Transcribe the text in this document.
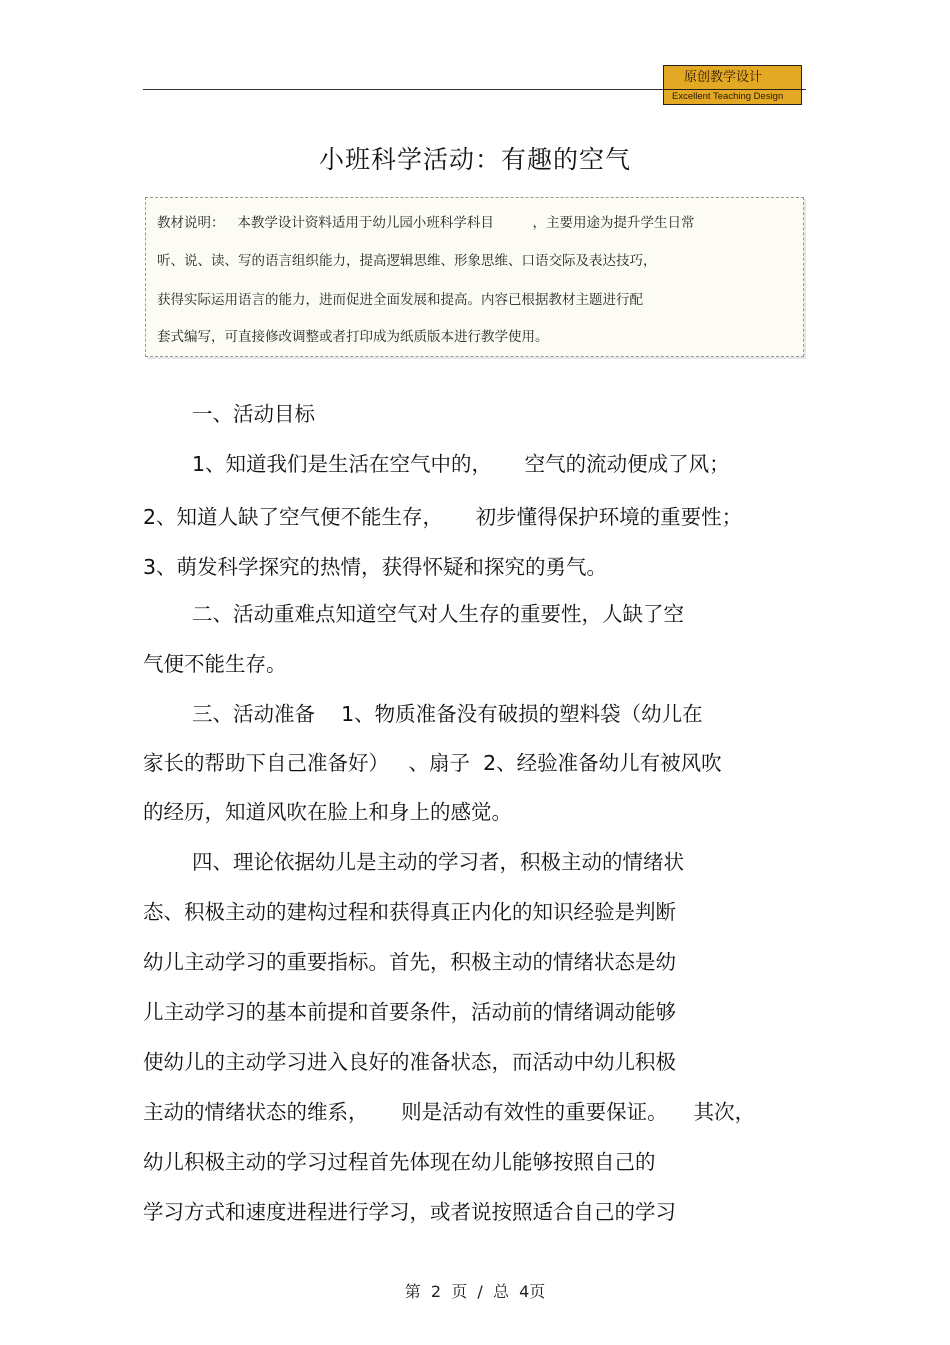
原创教学设计
Excellent Teaching Design
小班科学活动：有趣的空气
教材说明：   本教学设计资料适用于幼儿园小班科学科目         ，主要用途为提升学生日常
听、说、读、写的语言组织能力，提高逻辑思维、形象思维、口语交际及表达技巧，
获得实际运用语言的能力，进而促进全面发展和提高。内容已根据教材主题进行配
套式编写，可直接修改调整或者打印成为纸质版本进行教学使用。
一、活动目标
1、知道我们是生活在空气中的，     空气的流动便成了风；
2、知道人缺了空气便不能生存，     初步懂得保护环境的重要性；
3、萌发科学探究的热情，获得怀疑和探究的勇气。
二、活动重难点知道空气对人生存的重要性，人缺了空
气便不能生存。
三、活动准备    1、物质准备没有破损的塑料袋（幼儿在
家长的帮助下自己准备好）   、扇子  2、经验准备幼儿有被风吹
的经历，知道风吹在脸上和身上的感觉。
四、理论依据幼儿是主动的学习者，积极主动的情绪状
态、积极主动的建构过程和获得真正内化的知识经验是判断
幼儿主动学习的重要指标。首先，积极主动的情绪状态是幼
儿主动学习的基本前提和首要条件，活动前的情绪调动能够
使幼儿的主动学习进入良好的准备状态，而活动中幼儿积极
主动的情绪状态的维系，     则是活动有效性的重要保证。    其次，
幼儿积极主动的学习过程首先体现在幼儿能够按照自己的
学习方式和速度进程进行学习，或者说按照适合自己的学习
第  2  页  /  总  4页
